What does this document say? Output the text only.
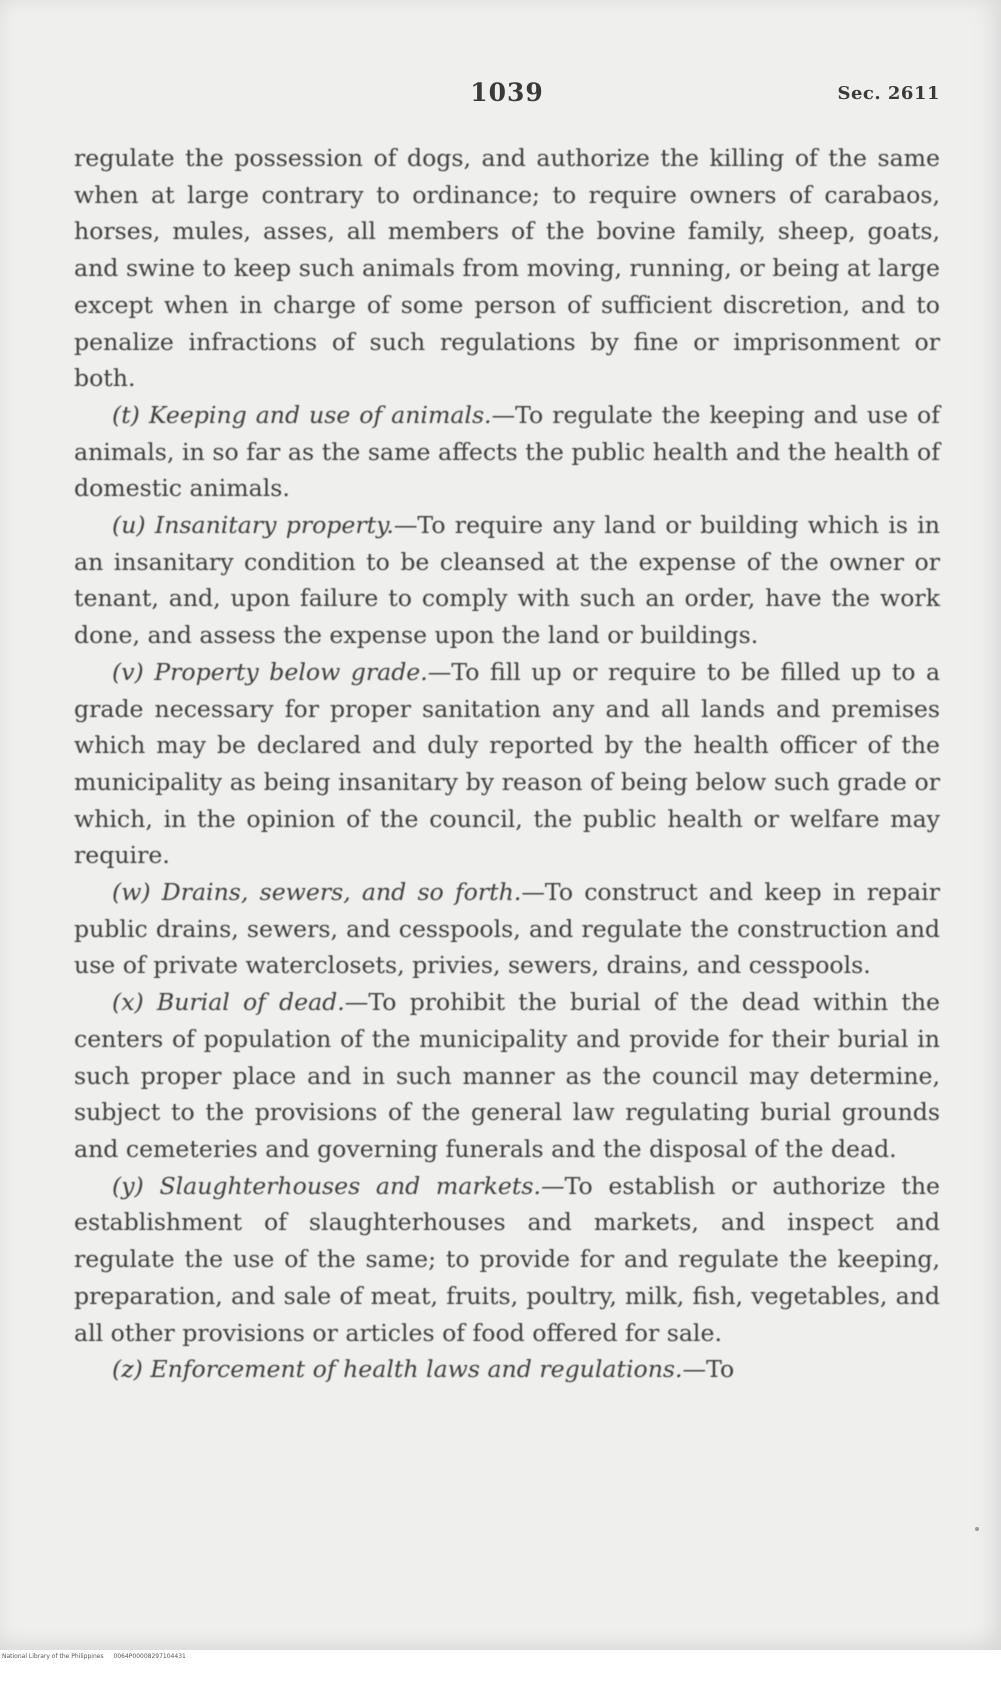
1039	Sec. 2611

regulate the possession of dogs, and authorize the killing of the same when at large contrary to ordinance; to require owners of carabaos, horses, mules, asses, all members of the bovine family, sheep, goats, and swine to keep such animals from moving, running, or being at large except when in charge of some person of sufficient discretion, and to penalize infractions of such regulations by fine or imprisonment or both.

(t) Keeping and use of animals.—To regulate the keeping and use of animals, in so far as the same affects the public health and the health of domestic animals.

(u) Insanitary property.—To require any land or building which is in an insanitary condition to be cleansed at the expense of the owner or tenant, and, upon failure to comply with such an order, have the work done, and assess the expense upon the land or buildings.

(v) Property below grade.—To fill up or require to be filled up to a grade necessary for proper sanitation any and all lands and premises which may be declared and duly reported by the health officer of the municipality as being insanitary by reason of being below such grade or which, in the opinion of the council, the public health or welfare may require.

(w) Drains, sewers, and so forth.—To construct and keep in repair public drains, sewers, and cesspools, and regulate the construction and use of private waterclosets, privies, sewers, drains, and cesspools.

(x) Burial of dead.—To prohibit the burial of the dead within the centers of population of the municipality and provide for their burial in such proper place and in such manner as the council may determine, subject to the provisions of the general law regulating burial grounds and cemeteries and governing funerals and the disposal of the dead.

(y) Slaughterhouses and markets.—To establish or authorize the establishment of slaughterhouses and markets, and inspect and regulate the use of the same; to provide for and regulate the keeping, preparation, and sale of meat, fruits, poultry, milk, fish, vegetables, and all other provisions or articles of food offered for sale.

(z) Enforcement of health laws and regulations.—To

National Library of the Philippines 0064P00008297104431
